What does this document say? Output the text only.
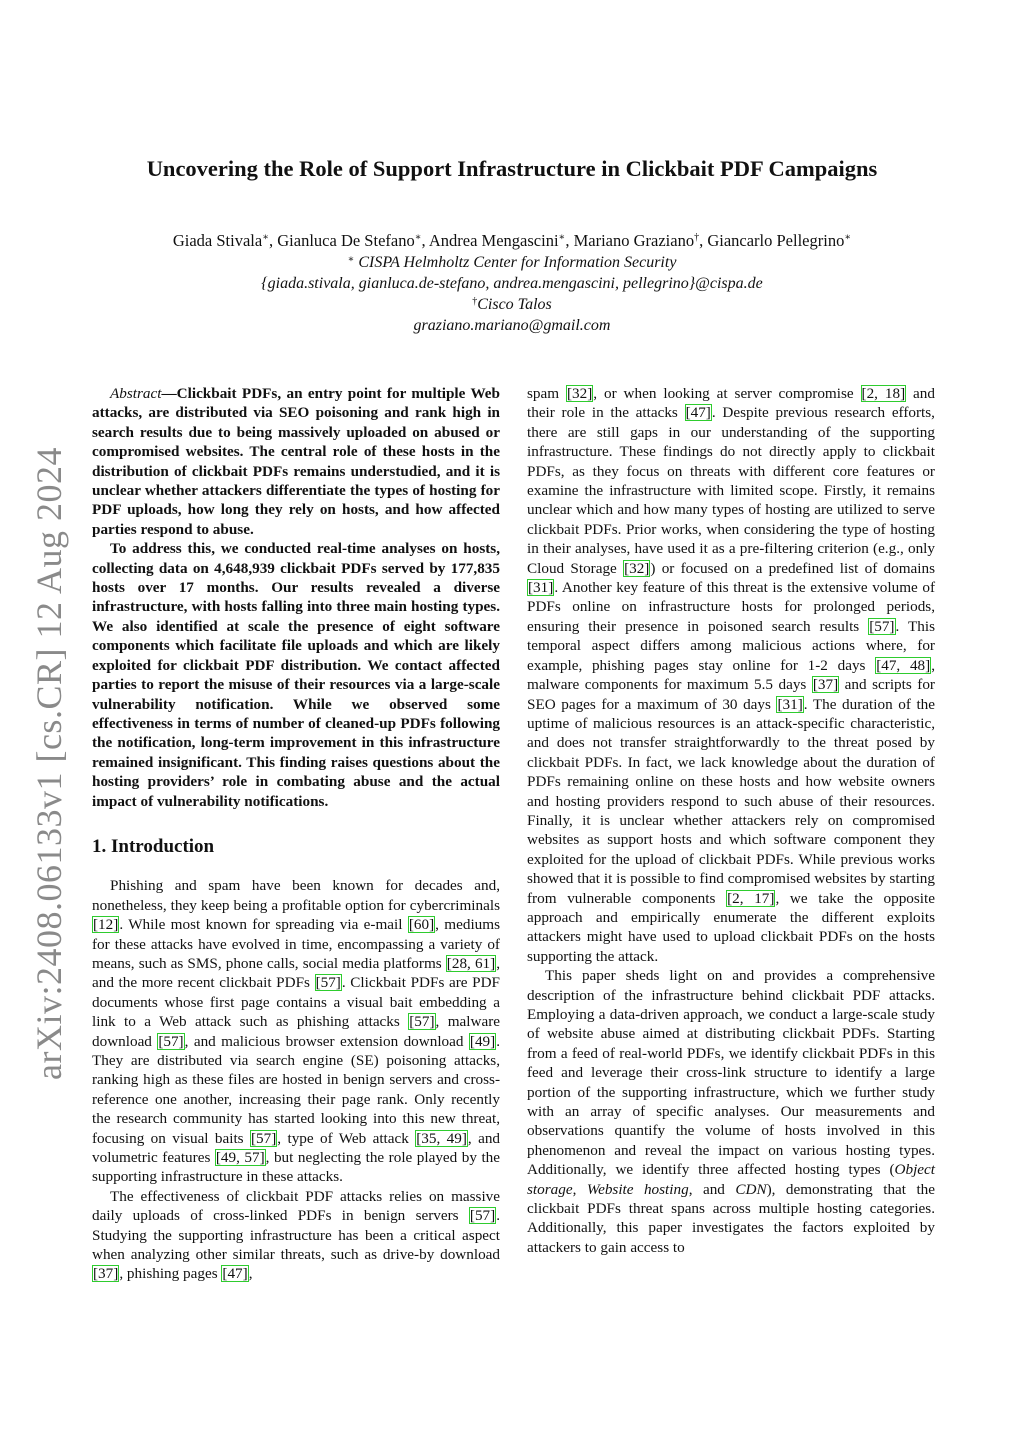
arXiv:2408.06133v1 [cs.CR] 12 Aug 2024
Uncovering the Role of Support Infrastructure in Clickbait PDF Campaigns
Giada Stivala∗, Gianluca De Stefano∗, Andrea Mengascini∗, Mariano Graziano†, Giancarlo Pellegrino∗
∗ CISPA Helmholtz Center for Information Security
{giada.stivala, gianluca.de-stefano, andrea.mengascini, pellegrino}@cispa.de
†Cisco Talos
graziano.mariano@gmail.com

Abstract—Clickbait PDFs, an entry point for multiple Web attacks, are distributed via SEO poisoning and rank high in search results due to being massively uploaded on abused or compromised websites. The central role of these hosts in the distribution of clickbait PDFs remains understudied, and it is unclear whether attackers differentiate the types of hosting for PDF uploads, how long they rely on hosts, and how affected parties respond to abuse.

To address this, we conducted real-time analyses on hosts, collecting data on 4,648,939 clickbait PDFs served by 177,835 hosts over 17 months. Our results revealed a diverse infrastructure, with hosts falling into three main hosting types. We also identified at scale the presence of eight software components which facilitate file uploads and which are likely exploited for clickbait PDF distribution. We contact affected parties to report the misuse of their resources via a large-scale vulnerability notification. While we observed some effectiveness in terms of number of cleaned-up PDFs following the notification, long-term improvement in this infrastructure remained insignificant. This finding raises questions about the hosting providers’ role in combating abuse and the actual impact of vulnerability notifications.

1. Introduction

Phishing and spam have been known for decades and, nonetheless, they keep being a profitable option for cybercriminals [12]. While most known for spreading via e-mail [60], mediums for these attacks have evolved in time, encompassing a variety of means, such as SMS, phone calls, social media platforms [28, 61], and the more recent clickbait PDFs [57]. Clickbait PDFs are PDF documents whose first page contains a visual bait embedding a link to a Web attack such as phishing attacks [57], malware download [57], and malicious browser extension download [49]. They are distributed via search engine (SE) poisoning attacks, ranking high as these files are hosted in benign servers and cross-reference one another, increasing their page rank. Only recently the research community has started looking into this new threat, focusing on visual baits [57], type of Web attack [35, 49], and volumetric features [49, 57], but neglecting the role played by the supporting infrastructure in these attacks.

The effectiveness of clickbait PDF attacks relies on massive daily uploads of cross-linked PDFs in benign servers [57]. Studying the supporting infrastructure has been a critical aspect when analyzing other similar threats, such as drive-by download [37], phishing pages [47],

spam [32], or when looking at server compromise [2, 18] and their role in the attacks [47]. Despite previous research efforts, there are still gaps in our understanding of the supporting infrastructure. These findings do not directly apply to clickbait PDFs, as they focus on threats with different core features or examine the infrastructure with limited scope. Firstly, it remains unclear which and how many types of hosting are utilized to serve clickbait PDFs. Prior works, when considering the type of hosting in their analyses, have used it as a pre-filtering criterion (e.g., only Cloud Storage [32]) or focused on a predefined list of domains [31]. Another key feature of this threat is the extensive volume of PDFs online on infrastructure hosts for prolonged periods, ensuring their presence in poisoned search results [57]. This temporal aspect differs among malicious actions where, for example, phishing pages stay online for 1-2 days [47, 48], malware components for maximum 5.5 days [37] and scripts for SEO pages for a maximum of 30 days [31]. The duration of the uptime of malicious resources is an attack-specific characteristic, and does not transfer straightforwardly to the threat posed by clickbait PDFs. In fact, we lack knowledge about the duration of PDFs remaining online on these hosts and how website owners and hosting providers respond to such abuse of their resources. Finally, it is unclear whether attackers rely on compromised websites as support hosts and which software component they exploited for the upload of clickbait PDFs. While previous works showed that it is possible to find compromised websites by starting from vulnerable components [2, 17], we take the opposite approach and empirically enumerate the different exploits attackers might have used to upload clickbait PDFs on the hosts supporting the attack.

This paper sheds light on and provides a comprehensive description of the infrastructure behind clickbait PDF attacks. Employing a data-driven approach, we conduct a large-scale study of website abuse aimed at distributing clickbait PDFs. Starting from a feed of real-world PDFs, we identify clickbait PDFs in this feed and leverage their cross-link structure to identify a large portion of the supporting infrastructure, which we further study with an array of specific analyses. Our measurements and observations quantify the volume of hosts involved in this phenomenon and reveal the impact on various hosting types. Additionally, we identify three affected hosting types (Object storage, Website hosting, and CDN), demonstrating that the clickbait PDFs threat spans across multiple hosting categories. Additionally, this paper investigates the factors exploited by attackers to gain access to
